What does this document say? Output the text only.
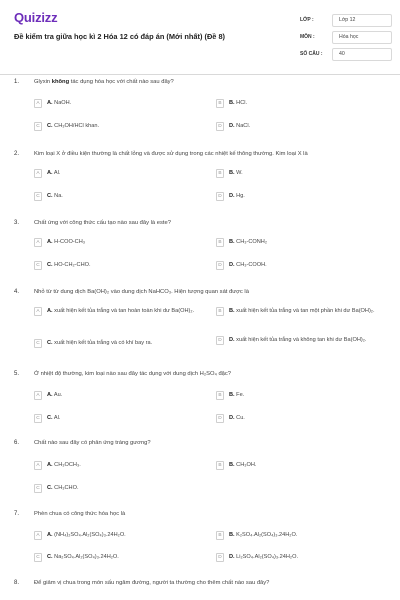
Quizizz
Đề kiểm tra giữa học kì 2 Hóa 12 có đáp án (Mới nhất) (Đề 8)
LỚP :	Lớp 12
MÔN :	Hóa học
SỐ CÂU :	40
1.	Glyxin không tác dụng hóa học với chất nào sau đây?
A	A. NaOH.	B	B. HCl.
C	C. CH₃OH/HCl khan.	D	D. NaCl.
2.	Kim loại X ở điều kiện thường là chất lỏng và được sử dụng trong các nhiệt kế thông thường. Kim loại X là
A	A. Al.	B	B. W.
C	C. Na.	D	D. Hg.
3.	Chất ứng với công thức cấu tạo nào sau đây là este?
A	A. H-COO-CH₃	B	B. CH₃-CONH₂
C	C. HO-CH₂-CHO.	D	D. CH₃-COOH.
4.	Nhỏ từ từ dung dịch Ba(OH)₂ vào dung dịch NaHCO₃. Hiện tượng quan sát được là
A	A. xuất hiện kết tủa trắng và tan hoàn toàn khi dư Ba(OH)₂.	B	B. xuất hiện kết tủa trắng và tan một phần khi dư Ba(OH)₂.
C	C. xuất hiện kết tủa trắng và có khí bay ra.	D	D. xuất hiện kết tủa trắng và không tan khi dư Ba(OH)₂.
5.	Ở nhiệt độ thường, kim loại nào sau đây tác dụng với dung dịch H₂SO₄ đặc?
A	A. Au.	B	B. Fe.
C	C. Al.	D	D. Cu.
6.	Chất nào sau đây có phản ứng tráng gương?
A	A. CH₃OCH₃.	B	B. CH₃OH.
C	C. CH₃CHO.
7.	Phèn chua có công thức hóa học là
A	A. (NH₄)₂SO₄.Al₂(SO₄)₃.24H₂O.	B	B. K₂SO₄.Al₂(SO₄)₃.24H₂O.
C	C. Na₂SO₄.Al₂(SO₄)₃.24H₂O.	D	D. Li₂SO₄.Al₂(SO₄)₃.24H₂O.
8.	Để giảm vị chua trong món sấu ngâm đường, người ta thường cho thêm chất nào sau đây?
